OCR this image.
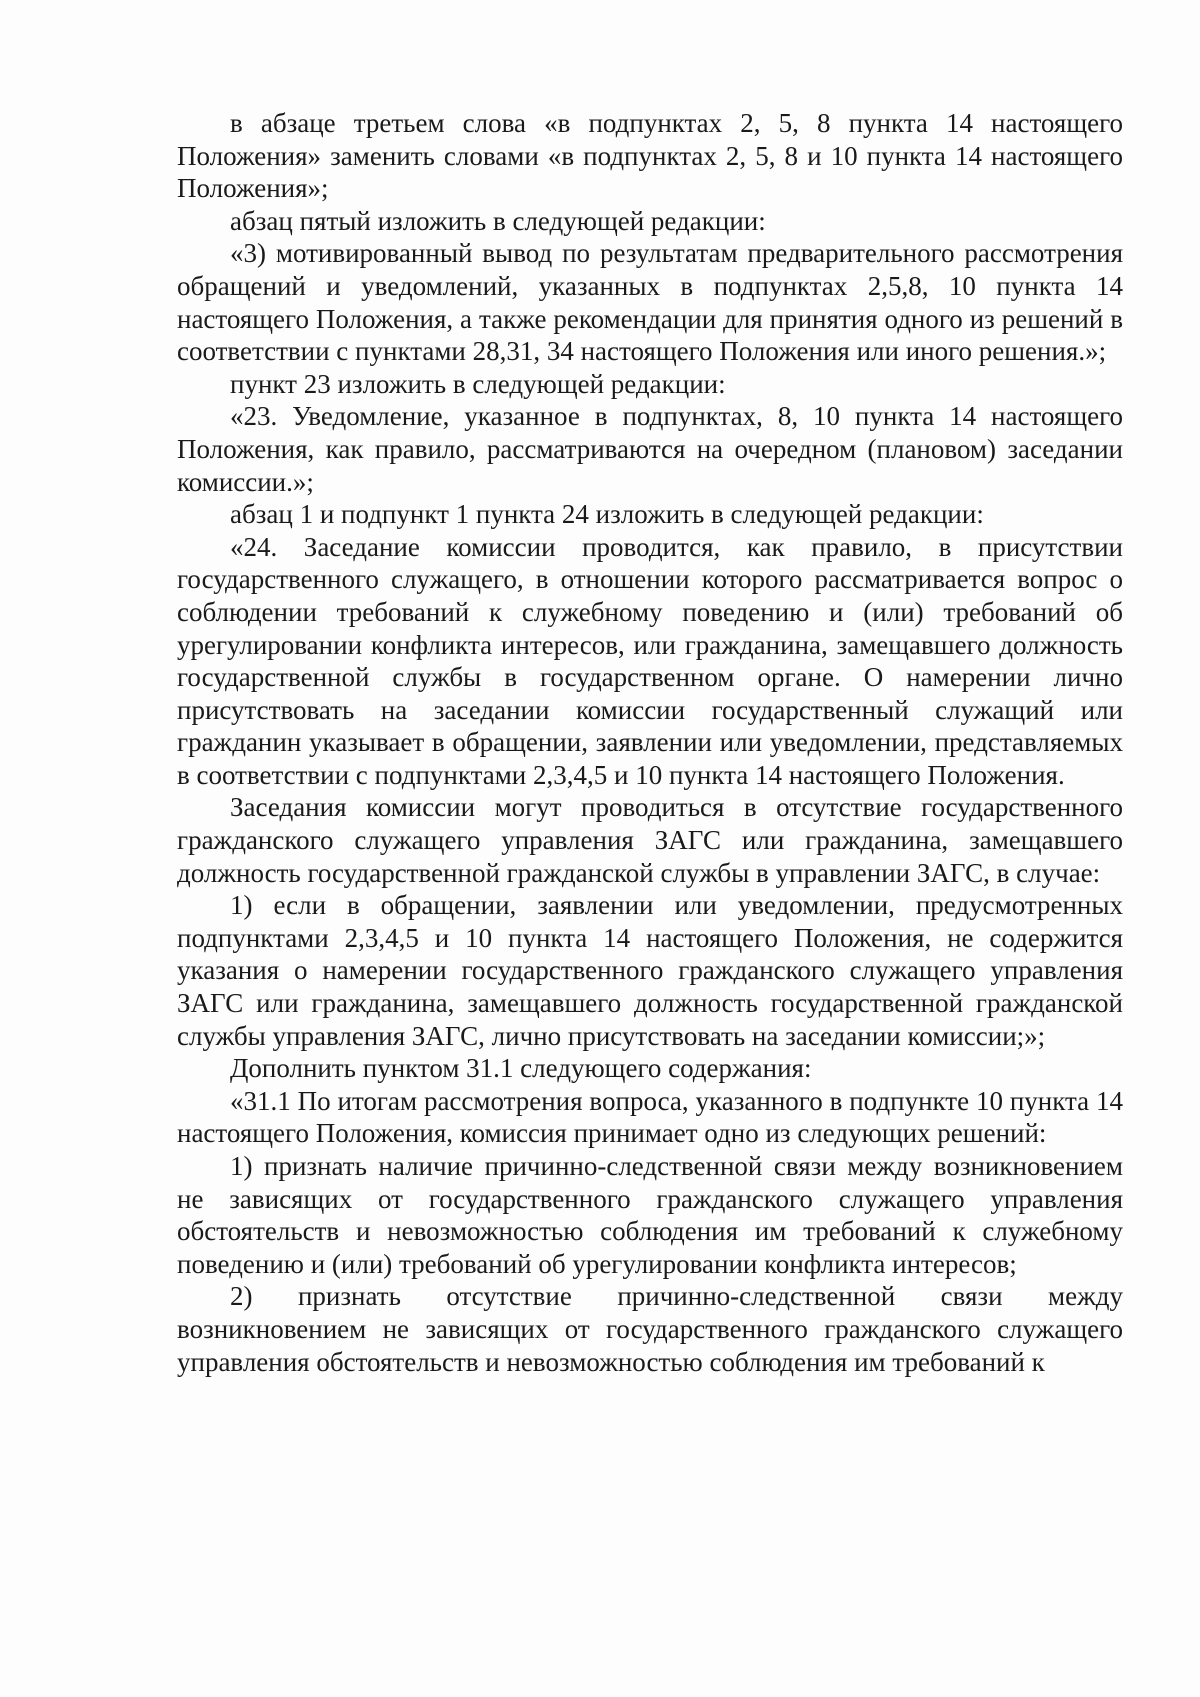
в абзаце третьем слова «в подпунктах 2, 5, 8 пункта 14 настоящего Положения» заменить словами «в подпунктах 2, 5, 8 и 10 пункта 14 настоящего Положения»;

абзац пятый изложить в следующей редакции:

«3) мотивированный вывод по результатам предварительного рассмотрения обращений и уведомлений, указанных в подпунктах 2,5,8, 10 пункта 14 настоящего Положения, а также рекомендации для принятия одного из решений в соответствии с пунктами 28,31, 34 настоящего Положения или иного решения.»;

пункт 23 изложить в следующей редакции:

«23. Уведомление, указанное в подпунктах, 8, 10 пункта 14 настоящего Положения, как правило, рассматриваются на очередном (плановом) заседании комиссии.»;

абзац 1 и подпункт 1 пункта 24 изложить в следующей редакции:

«24. Заседание комиссии проводится, как правило, в присутствии государственного служащего, в отношении которого рассматривается вопрос о соблюдении требований к служебному поведению и (или) требований об урегулировании конфликта интересов, или гражданина, замещавшего должность государственной службы в государственном органе. О намерении лично присутствовать на заседании комиссии государственный служащий или гражданин указывает в обращении, заявлении или уведомлении, представляемых в соответствии с подпунктами 2,3,4,5 и 10 пункта 14 настоящего Положения.

Заседания комиссии могут проводиться в отсутствие государственного гражданского служащего управления ЗАГС или гражданина, замещавшего должность государственной гражданской службы в управлении ЗАГС, в случае:

1) если в обращении, заявлении или уведомлении, предусмотренных подпунктами 2,3,4,5 и 10 пункта 14 настоящего Положения, не содержится указания о намерении государственного гражданского служащего управления ЗАГС или гражданина, замещавшего должность государственной гражданской службы управления ЗАГС, лично присутствовать на заседании комиссии;»;

Дополнить пунктом 31.1 следующего содержания:

«31.1 По итогам рассмотрения вопроса, указанного в подпункте 10 пункта 14 настоящего Положения, комиссия принимает одно из следующих решений:

1) признать наличие причинно-следственной связи между возникновением не зависящих от государственного гражданского служащего управления обстоятельств и невозможностью соблюдения им требований к служебному поведению и (или) требований об урегулировании конфликта интересов;

2) признать отсутствие причинно-следственной связи между возникновением не зависящих от государственного гражданского служащего управления обстоятельств и невозможностью соблюдения им требований к
